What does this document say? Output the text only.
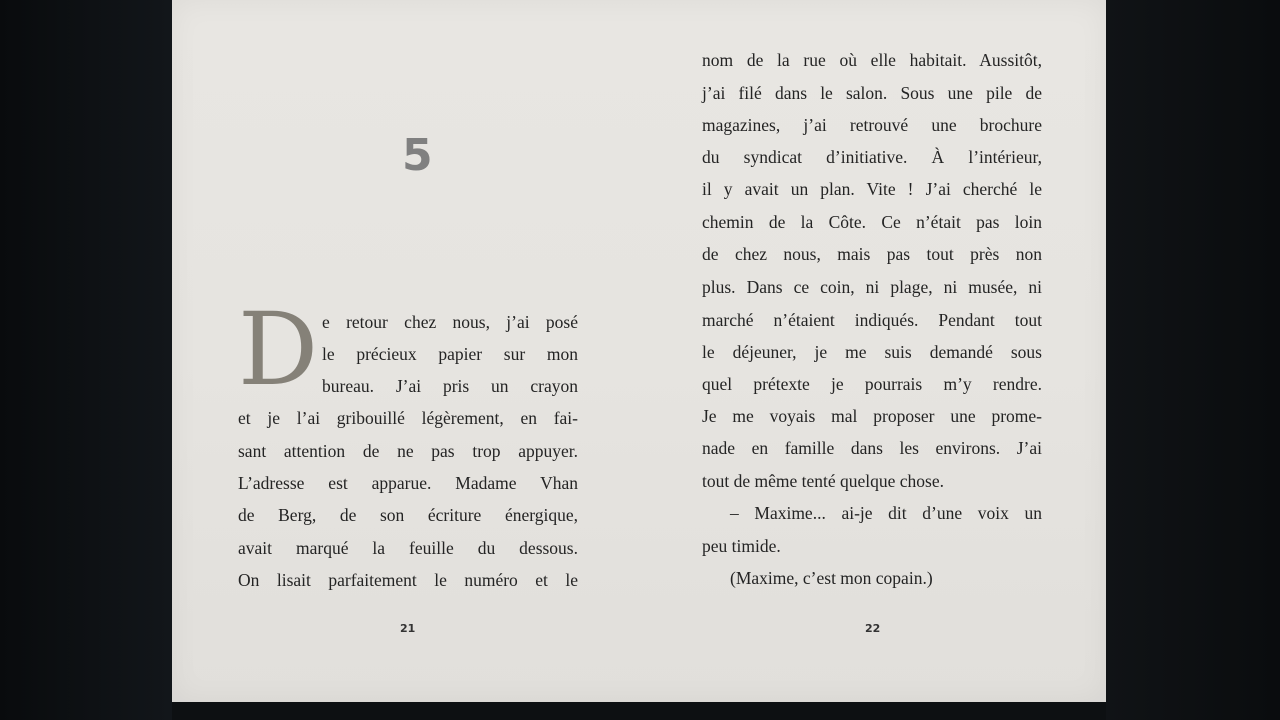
5
D e retour chez nous, j’ai posé
le précieux papier sur mon
bureau. J’ai pris un crayon
et je l’ai gribouillé légèrement, en fai-
sant attention de ne pas trop appuyer.
L’adresse est apparue. Madame Vhan
de Berg, de son écriture énergique,
avait marqué la feuille du dessous.
On lisait parfaitement le numéro et le
nom de la rue où elle habitait. Aussitôt,
j’ai filé dans le salon. Sous une pile de
magazines, j’ai retrouvé une brochure
du syndicat d’initiative. À l’intérieur,
il y avait un plan. Vite ! J’ai cherché le
chemin de la Côte. Ce n’était pas loin
de chez nous, mais pas tout près non
plus. Dans ce coin, ni plage, ni musée, ni
marché n’étaient indiqués. Pendant tout
le déjeuner, je me suis demandé sous
quel prétexte je pourrais m’y rendre.
Je me voyais mal proposer une prome-
nade en famille dans les environs. J’ai
tout de même tenté quelque chose.
– Maxime... ai-je dit d’une voix un
peu timide.
(Maxime, c’est mon copain.)
21	22
